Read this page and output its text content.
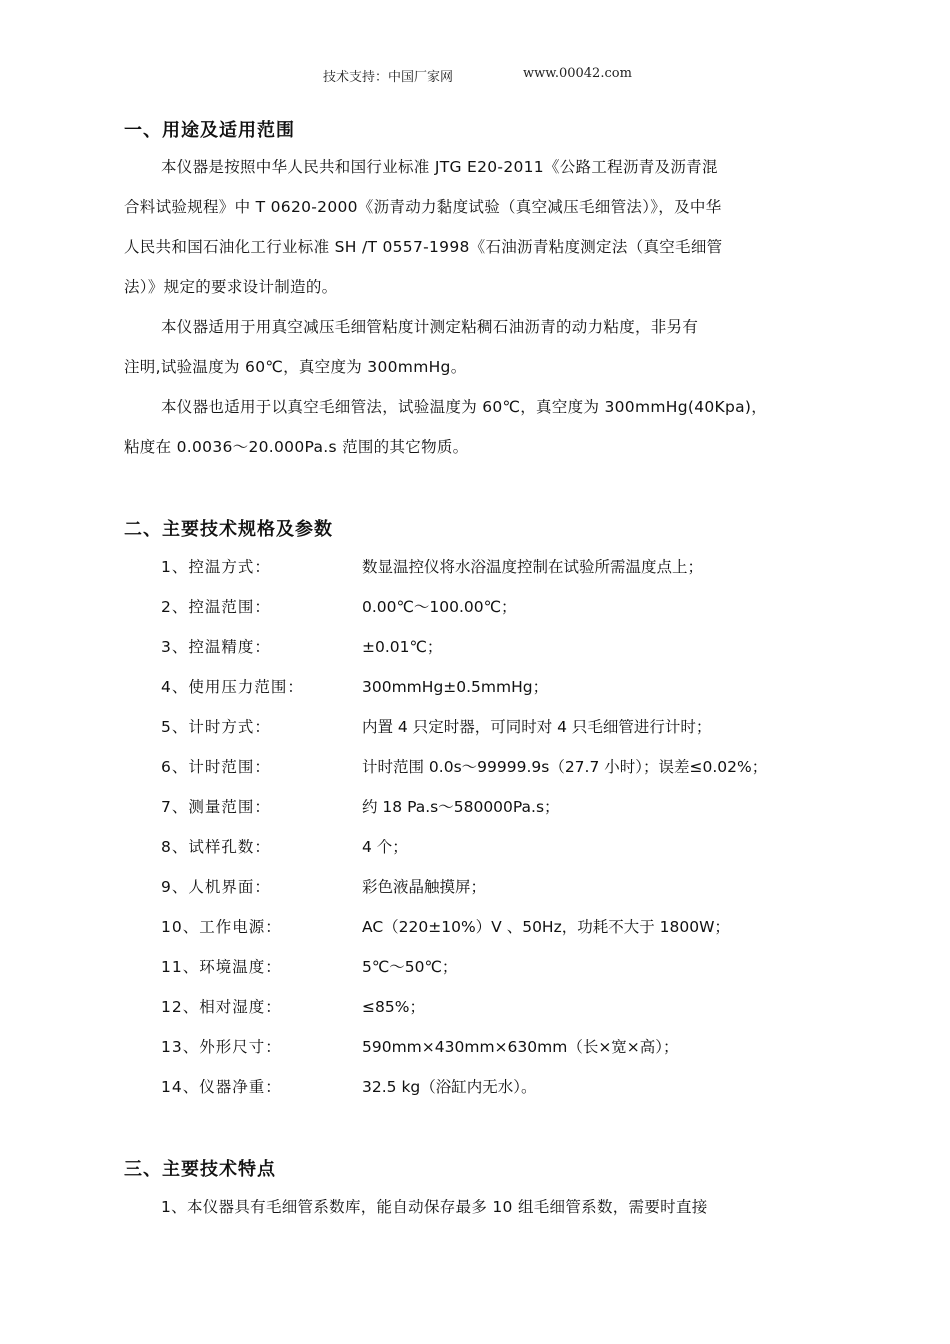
技术支持：中国厂家网	www.00042.com
一、用途及适用范围
本仪器是按照中华人民共和国行业标准 JTG E20-2011《公路工程沥青及沥青混
合料试验规程》中 T 0620-2000《沥青动力黏度试验（真空减压毛细管法）》，及中华
人民共和国石油化工行业标准 SH /T 0557-1998《石油沥青粘度测定法（真空毛细管
法）》规定的要求设计制造的。
本仪器适用于用真空减压毛细管粘度计测定粘稠石油沥青的动力粘度，非另有
注明,试验温度为 60℃，真空度为 300mmHg。
本仪器也适用于以真空毛细管法，试验温度为 60℃，真空度为 300mmHg(40Kpa)，
粘度在 0.0036～20.000Pa.s 范围的其它物质。
二、主要技术规格及参数
1、控温方式：	数显温控仪将水浴温度控制在试验所需温度点上；
2、控温范围：	0.00℃～100.00℃；
3、控温精度：	±0.01℃；
4、使用压力范围：	300mmHg±0.5mmHg；
5、计时方式：	内置 4 只定时器，可同时对 4 只毛细管进行计时；
6、计时范围：	计时范围 0.0s～99999.9s（27.7 小时）；误差≤0.02%；
7、测量范围：	约 18 Pa.s～580000Pa.s；
8、试样孔数：	4 个；
9、人机界面：	彩色液晶触摸屏；
10、工作电源：	AC（220±10%）V 、50Hz，功耗不大于 1800W；
11、环境温度：	5℃～50℃；
12、相对湿度：	≤85%；
13、外形尺寸：	590mm×430mm×630mm（长×宽×高）；
14、仪器净重：	32.5 kg（浴缸内无水）。
三、主要技术特点
1、本仪器具有毛细管系数库，能自动保存最多 10 组毛细管系数，需要时直接
